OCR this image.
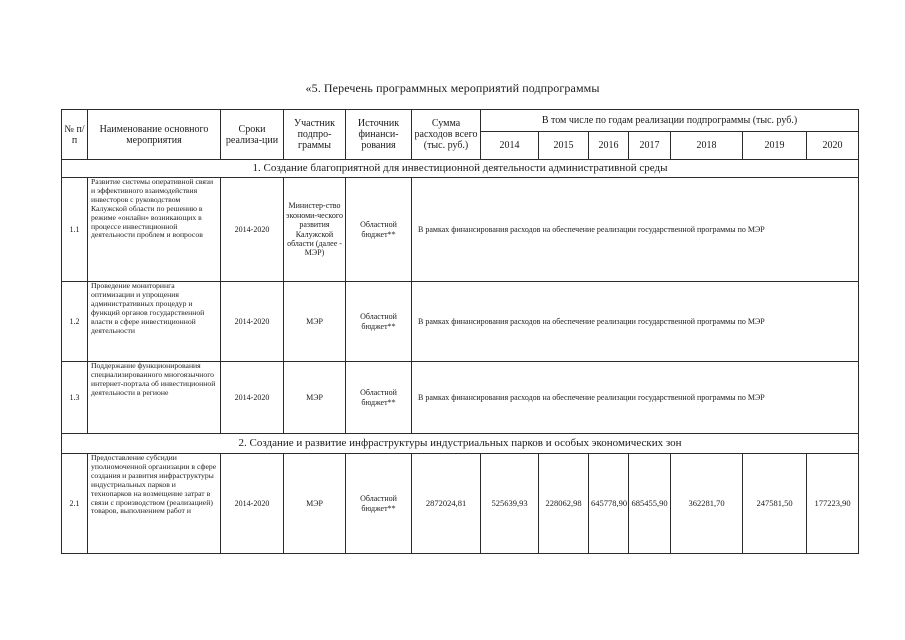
«5. Перечень программных мероприятий подпрограммы
№ п/п	Наименование основного мероприятия	Сроки реализа-ции	Участник подпро-граммы	Источник финанси-рования	Сумма расходов всего (тыс. руб.)	В том числе по годам реализации подпрограммы (тыс. руб.)						
						2014	2015	2016	2017	2018	2019	2020
1. Создание благоприятной для инвестиционной деятельности административной среды												
1.1	Развитие системы оперативной связи и эффективного взаимодействия инвесторов с руководством Калужской области по решению в режиме «онлайн» возникающих в процессе инвестиционной деятельности проблем и вопросов	2014-2020	Министер-ство экономи-ческого развития Калужской области (далее - МЭР)	Областной бюджет**	В рамках финансирования расходов на обеспечение реализации государственной программы по МЭР							
1.2	Проведение мониторинга оптимизации и упрощения административных процедур и функций органов государственной власти в сфере инвестиционной деятельности	2014-2020	МЭР	Областной бюджет**	В рамках финансирования расходов на обеспечение реализации государственной программы по МЭР							
1.3	Поддержание функционирования специализированного многоязычного интернет-портала об инвестиционной деятельности в регионе	2014-2020	МЭР	Областной бюджет**	В рамках финансирования расходов на обеспечение реализации государственной программы по МЭР							
2. Создание и развитие инфраструктуры индустриальных парков и особых экономических зон												
2.1	Предоставление субсидии уполномоченной организации в сфере создания и развития инфраструктуры индустриальных парков и технопарков на возмещение затрат в связи с производством (реализацией) товаров, выполнением работ и	2014-2020	МЭР	Областной бюджет**	2872024,81	525639,93	228062,98	645778,90	685455,90	362281,70	247581,50	177223,90
